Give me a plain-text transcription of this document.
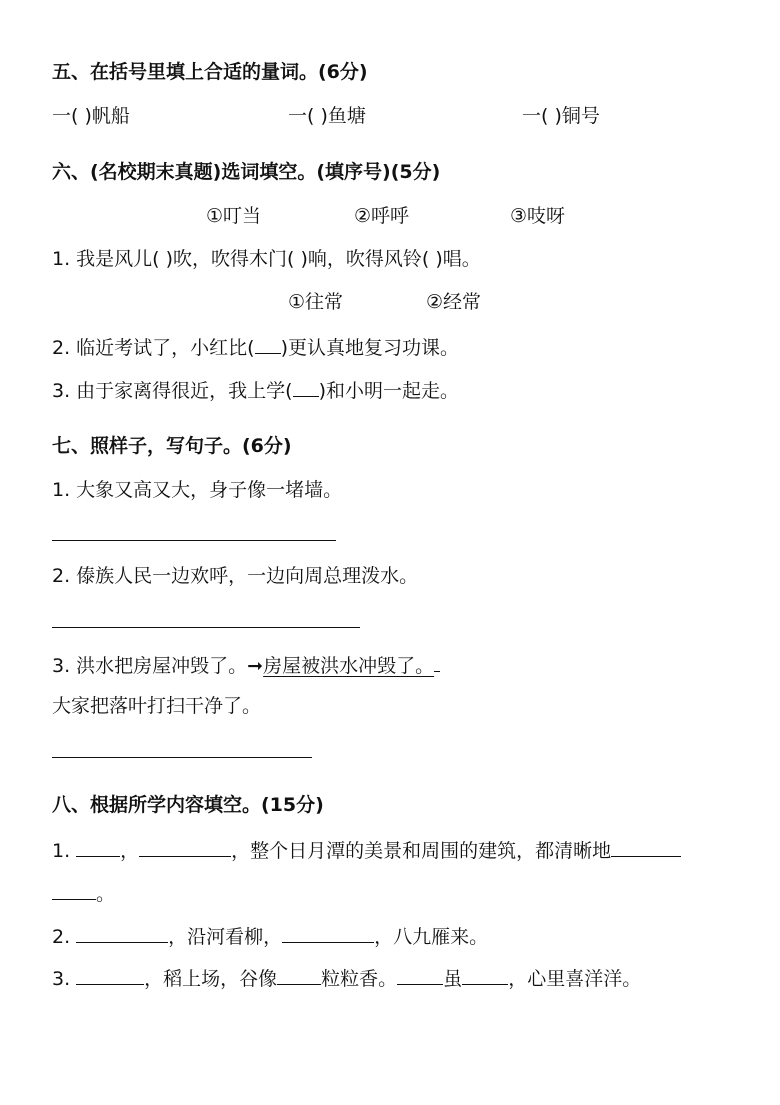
五、在括号里填上合适的量词。(6分)
一( )帆船	一( )鱼塘	一( )铜号
六、(名校期末真题)选词填空。(填序号)(5分)
①叮当	②呼呼	③吱呀
1. 我是风儿( )吹，吹得木门( )响，吹得风铃( )唱。
①往常	②经常
2. 临近考试了，小红比( )更认真地复习功课。
3. 由于家离得很近，我上学( )和小明一起走。
七、照样子，写句子。(6分)
1. 大象又高又大，身子像一堵墙。
2. 傣族人民一边欢呼，一边向周总理泼水。
3. 洪水把房屋冲毁了。➞房屋被洪水冲毁了。
大家把落叶打扫干净了。
八、根据所学内容填空。(15分)
1.	，	，整个日月潭的美景和周围的建筑，都清晰地
。
2.	，沿河看柳，	，八九雁来。
3.	，稻上场，谷像 粒粒香。 虽 ，心里喜洋洋。
